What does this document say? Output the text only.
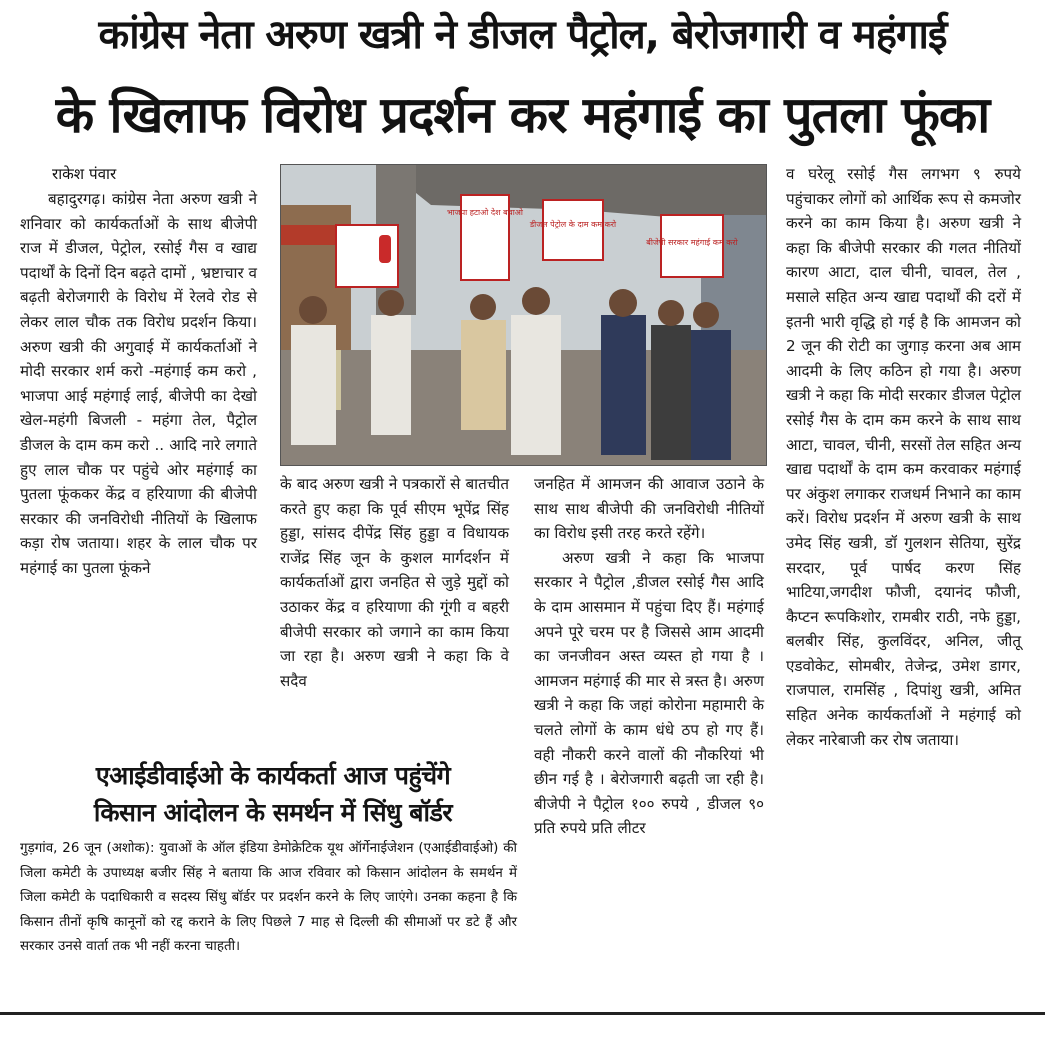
कांग्रेस नेता अरुण खत्री ने डीजल पैट्रोल, बेरोजगारी व महंगाई
के खिलाफ विरोध प्रदर्शन कर महंगाई का पुतला फूंका
राकेश पंवार

बहादुरगढ़। कांग्रेस नेता अरुण खत्री ने शनिवार को कार्यकर्ताओं के साथ बीजेपी राज में डीजल, पेट्रोल, रसोई गैस व खाद्य पदार्थों के दिनों दिन बढ़ते दामों , भ्रष्टाचार व बढ़ती बेरोजगारी के विरोध में रेलवे रोड से लेकर लाल चौक तक विरोध प्रदर्शन किया। अरुण खत्री की अगुवाई में कार्यकर्ताओं ने मोदी सरकार शर्म करो -महंगाई कम करो , भाजपा आई महंगाई लाई, बीजेपी का देखो खेल-महंगी बिजली - महंगा तेल, पैट्रोल डीजल के दाम कम करो .. आदि नारे लगाते हुए लाल चौक पर पहुंचे ओर महंगाई का पुतला फूंककर केंद्र व हरियाणा की बीजेपी सरकार की जनविरोधी नीतियों के खिलाफ कड़ा रोष जताया। शहर के लाल चौक पर महंगाई का पुतला फूंकने

भाजपा हटाओ देश बचाओ
डीजल पेट्रोल के दाम कम करो
बीजेपी सरकार महंगाई कम करो

के बाद अरुण खत्री ने पत्रकारों से बातचीत करते हुए कहा कि पूर्व सीएम भूपेंद्र सिंह हुड्डा, सांसद दीपेंद्र सिंह हुड्डा व विधायक राजेंद्र सिंह जून के कुशल मार्गदर्शन में कार्यकर्ताओं द्वारा जनहित से जुड़े मुद्दों को उठाकर केंद्र व हरियाणा की गूंगी व बहरी बीजेपी सरकार को जगाने का काम किया जा रहा है। अरुण खत्री ने कहा कि वे सदैव

जनहित में आमजन की आवाज उठाने के साथ साथ बीजेपी की जनविरोधी नीतियों का विरोध इसी तरह करते रहेंगे।

अरुण खत्री ने कहा कि भाजपा सरकार ने पैट्रोल ,डीजल रसोई गैस आदि के दाम आसमान में पहुंचा दिए हैं। महंगाई अपने पूरे चरम पर है जिससे आम आदमी का जनजीवन अस्त व्यस्त हो गया है । आमजन महंगाई की मार से त्रस्त है। अरुण खत्री ने कहा कि जहां कोरोना महामारी के चलते लोगों के काम धंधे ठप हो गए हैं। वही नौकरी करने वालों की नौकरियां भी छीन गई है । बेरोजगारी बढ़ती जा रही है। बीजेपी ने पैट्रोल १०० रुपये , डीजल ९० प्रति रुपये प्रति लीटर

व घरेलू रसोई गैस लगभग ९ रुपये पहुंचाकर लोगों को आर्थिक रूप से कमजोर करने का काम किया है। अरुण खत्री ने कहा कि बीजेपी सरकार की गलत नीतियों कारण आटा, दाल चीनी, चावल, तेल , मसाले सहित अन्य खाद्य पदार्थों की दरों में इतनी भारी वृद्धि हो गई है कि आमजन को 2 जून की रोटी का जुगाड़ करना अब आम आदमी के लिए कठिन हो गया है। अरुण खत्री ने कहा कि मोदी सरकार डीजल पेट्रोल रसोई गैस के दाम कम करने के साथ साथ आटा, चावल, चीनी, सरसों तेल सहित अन्य खाद्य पदार्थों के दाम कम करवाकर महंगाई पर अंकुश लगाकर राजधर्म निभाने का काम करें। विरोध प्रदर्शन में अरुण खत्री के साथ उमेद सिंह खत्री, डॉ गुलशन सेतिया, सुरेंद्र सरदार, पूर्व पार्षद करण सिंह भाटिया,जगदीश फौजी, दयानंद फौजी, कैप्टन रूपकिशोर, रामबीर राठी, नफे हुड्डा, बलबीर सिंह, कुलविंदर, अनिल, जीतू एडवोकेट, सोमबीर, तेजेन्द्र, उमेश डागर, राजपाल, रामसिंह , दिपांशु खत्री, अमित सहित अनेक कार्यकर्ताओं ने महंगाई को लेकर नारेबाजी कर रोष जताया।

एआईडीवाईओ के कार्यकर्ता आज पहुंचेंगे
किसान आंदोलन के समर्थन में सिंधु बॉर्डर
गुड़गांव, 26 जून (अशोक): युवाओं के ऑल इंडिया डेमोक्रेटिक यूथ ऑर्गेनाईजेशन (एआईडीवाईओ) की जिला कमेटी के उपाध्यक्ष बजीर सिंह ने बताया कि आज रविवार को किसान आंदोलन के समर्थन में जिला कमेटी के पदाधिकारी व सदस्य सिंधु बॉर्डर पर प्रदर्शन करने के लिए जाएंगे। उनका कहना है कि किसान तीनों कृषि कानूनों को रद्द कराने के लिए पिछले 7 माह से दिल्ली की सीमाओं पर डटे हैं और सरकार उनसे वार्ता तक भी नहीं करना चाहती।
